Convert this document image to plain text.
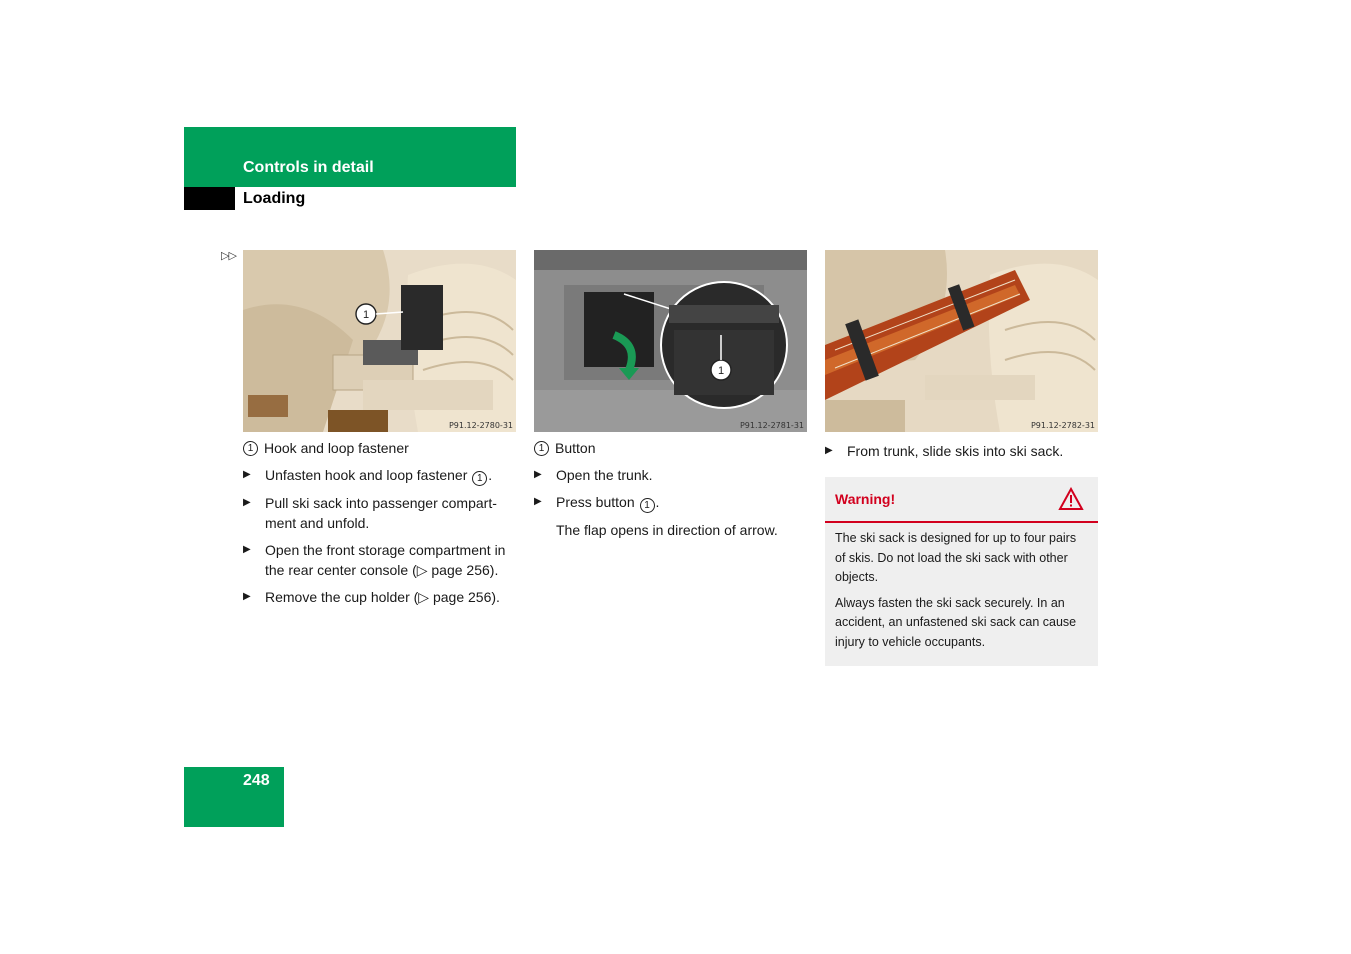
Controls in detail
Loading
▷▷
1
P91.12-2780-31
1 Hook and loop fastener
▶ Unfasten hook and loop fastener 1 .
▶ Pull ski sack into passenger compart-ment and unfold.
▶ Open the front storage compartment in the rear center console (▷ page 256).
▶ Remove the cup holder (▷ page 256).
1
P91.12-2781-31
1 Button
▶ Open the trunk.
▶ Press button 1 .
The flap opens in direction of arrow.
P91.12-2782-31
▶ From trunk, slide skis into ski sack.
Warning!

The ski sack is designed for up to four pairs of skis. Do not load the ski sack with other objects.

Always fasten the ski sack securely. In an accident, an unfastened ski sack can cause injury to vehicle occupants.

248
